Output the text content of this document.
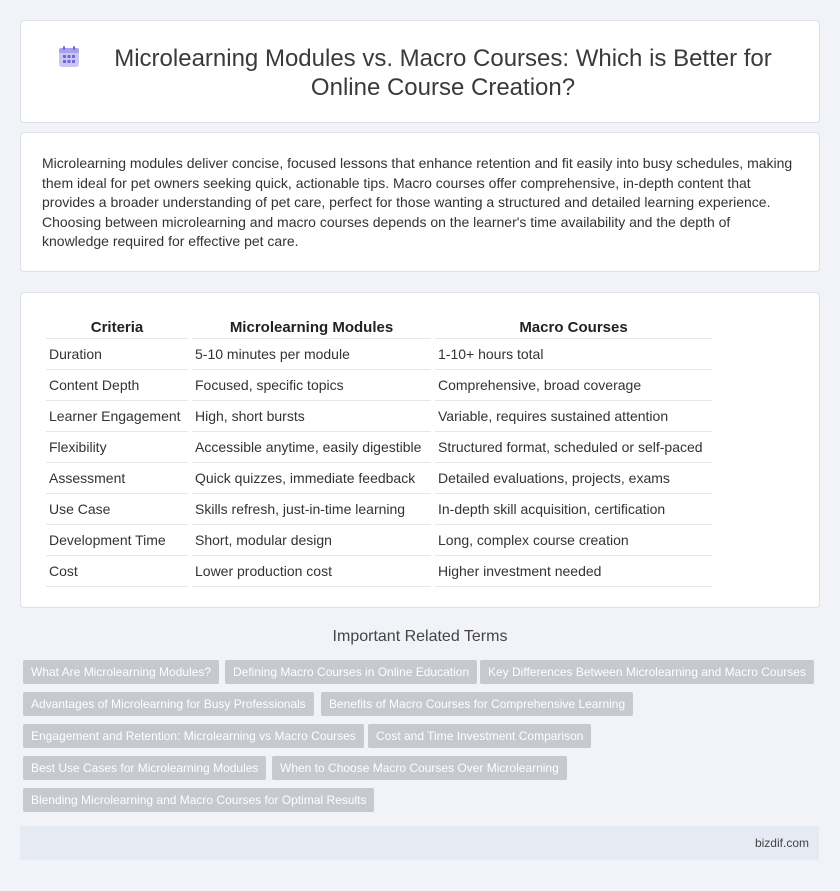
Microlearning Modules vs. Macro Courses: Which is Better for Online Course Creation?
Microlearning modules deliver concise, focused lessons that enhance retention and fit easily into busy schedules, making them ideal for pet owners seeking quick, actionable tips. Macro courses offer comprehensive, in-depth content that provides a broader understanding of pet care, perfect for those wanting a structured and detailed learning experience. Choosing between microlearning and macro courses depends on the learner's time availability and the depth of knowledge required for effective pet care.
Criteria	Microlearning Modules	Macro Courses
Duration	5-10 minutes per module	1-10+ hours total
Content Depth	Focused, specific topics	Comprehensive, broad coverage
Learner Engagement	High, short bursts	Variable, requires sustained attention
Flexibility	Accessible anytime, easily digestible	Structured format, scheduled or self-paced
Assessment	Quick quizzes, immediate feedback	Detailed evaluations, projects, exams
Use Case	Skills refresh, just-in-time learning	In-depth skill acquisition, certification
Development Time	Short, modular design	Long, complex course creation
Cost	Lower production cost	Higher investment needed
Important Related Terms
What Are Microlearning Modules?	Defining Macro Courses in Online Education	Key Differences Between Microlearning and Macro Courses
Advantages of Microlearning for Busy Professionals	Benefits of Macro Courses for Comprehensive Learning
Engagement and Retention: Microlearning vs Macro Courses	Cost and Time Investment Comparison
Best Use Cases for Microlearning Modules	When to Choose Macro Courses Over Microlearning
Blending Microlearning and Macro Courses for Optimal Results
bizdif.com
